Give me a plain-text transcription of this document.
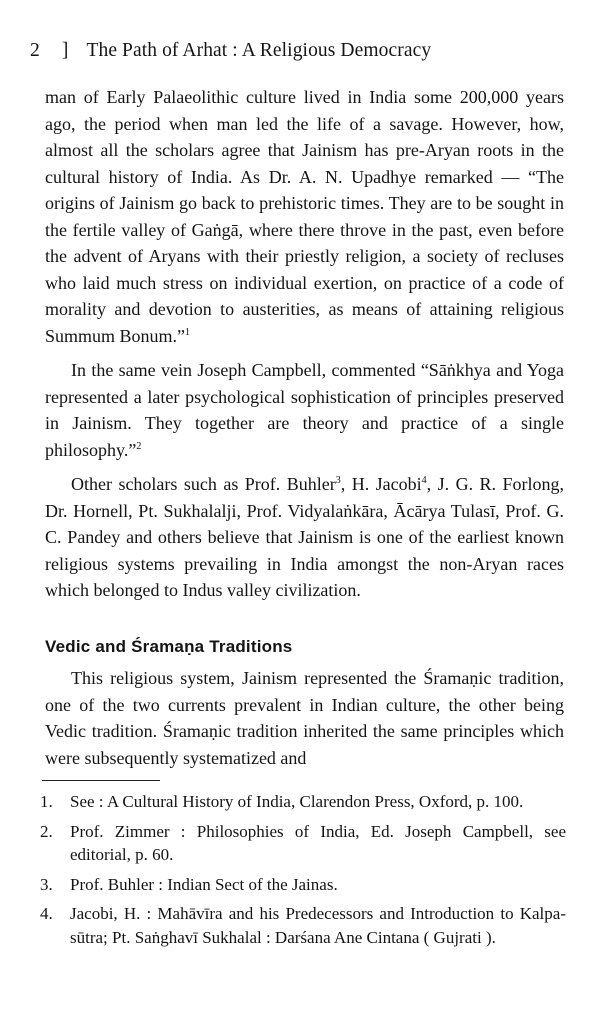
2 ] The Path of Arhat : A Religious Democracy

man of Early Palaeolithic culture lived in India some 200,000 years ago, the period when man led the life of a savage. However, how, almost all the scholars agree that Jainism has pre-Aryan roots in the cultural history of India. As Dr. A. N. Upadhye remarked — “The origins of Jainism go back to prehistoric times. They are to be sought in the fertile valley of Gaṅgā, where there throve in the past, even before the advent of Aryans with their priestly religion, a society of recluses who laid much stress on individual exertion, on practice of a code of morality and devotion to austerities, as means of attaining religious Summum Bonum.”$^1$

In the same vein Joseph Campbell, commented “Sāṅkhya and Yoga represented a later psychological sophistication of principles preserved in Jainism. They together are theory and practice of a single philosophy.”$^2$

Other scholars such as Prof. Buhler$^3$, H. Jacobi$^4$, J. G. R. Forlong, Dr. Hornell, Pt. Sukhalalji, Prof. Vidyalaṅkāra, Ācārya Tulasī, Prof. G. C. Pandey and others believe that Jainism is one of the earliest known religious systems prevailing in India amongst the non-Aryan races which belonged to Indus valley civilization.

Vedic and Śramaṇa Traditions

This religious system, Jainism represented the Śramaṇic tradition, one of the two currents prevalent in Indian culture, the other being Vedic tradition. Śramaṇic tradition inherited the same principles which were subsequently systematized and

1.	See : A Cultural History of India, Clarendon Press, Oxford, p. 100.
2.	Prof. Zimmer : Philosophies of India, Ed. Joseph Campbell, see editorial, p. 60.
3.	Prof. Buhler : Indian Sect of the Jainas.
4.	Jacobi, H. : Mahāvīra and his Predecessors and Introduction to Kalpa-sūtra; Pt. Saṅghavī Sukhalal : Darśana Ane Cintana ( Gujrati ).
